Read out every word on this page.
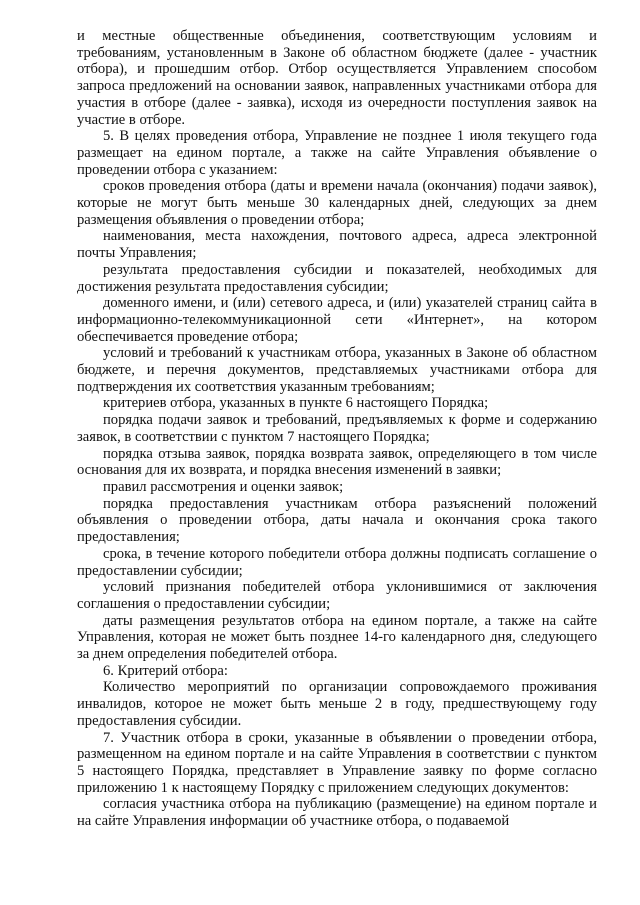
и местные общественные объединения, соответствующим условиям и требованиям, установленным в Законе об областном бюджете (далее - участник отбора), и прошедшим отбор. Отбор осуществляется Управлением способом запроса предложений на основании заявок, направленных участниками отбора для участия в отборе (далее - заявка), исходя из очередности поступления заявок на участие в отборе.

5. В целях проведения отбора, Управление не позднее 1 июля текущего года размещает на едином портале, а также на сайте Управления объявление о проведении отбора с указанием:

сроков проведения отбора (даты и времени начала (окончания) подачи заявок), которые не могут быть меньше 30 календарных дней, следующих за днем размещения объявления о проведении отбора;

наименования, места нахождения, почтового адреса, адреса электронной почты Управления;

результата предоставления субсидии и показателей, необходимых для достижения результата предоставления субсидии;

доменного имени, и (или) сетевого адреса, и (или) указателей страниц сайта в информационно-телекоммуникационной сети «Интернет», на котором обеспечивается проведение отбора;

условий и требований к участникам отбора, указанных в Законе об областном бюджете, и перечня документов, представляемых участниками отбора для подтверждения их соответствия указанным требованиям;

критериев отбора, указанных в пункте 6 настоящего Порядка;

порядка подачи заявок и требований, предъявляемых к форме и содержанию заявок, в соответствии с пунктом 7 настоящего Порядка;

порядка отзыва заявок, порядка возврата заявок, определяющего в том числе основания для их возврата, и порядка внесения изменений в заявки;

правил рассмотрения и оценки заявок;

порядка предоставления участникам отбора разъяснений положений объявления о проведении отбора, даты начала и окончания срока такого предоставления;

срока, в течение которого победители отбора должны подписать соглашение о предоставлении субсидии;

условий признания победителей отбора уклонившимися от заключения соглашения о предоставлении субсидии;

даты размещения результатов отбора на едином портале, а также на сайте Управления, которая не может быть позднее 14-го календарного дня, следующего за днем определения победителей отбора.

6. Критерий отбора:

Количество мероприятий по организации сопровождаемого проживания инвалидов, которое не может быть меньше 2 в году, предшествующему году предоставления субсидии.

7. Участник отбора в сроки, указанные в объявлении о проведении отбора, размещенном на едином портале и на сайте Управления в соответствии с пунктом 5 настоящего Порядка, представляет в Управление заявку по форме согласно приложению 1 к настоящему Порядку с приложением следующих документов:

согласия участника отбора на публикацию (размещение) на едином портале и на сайте Управления информации об участнике отбора, о подаваемой
